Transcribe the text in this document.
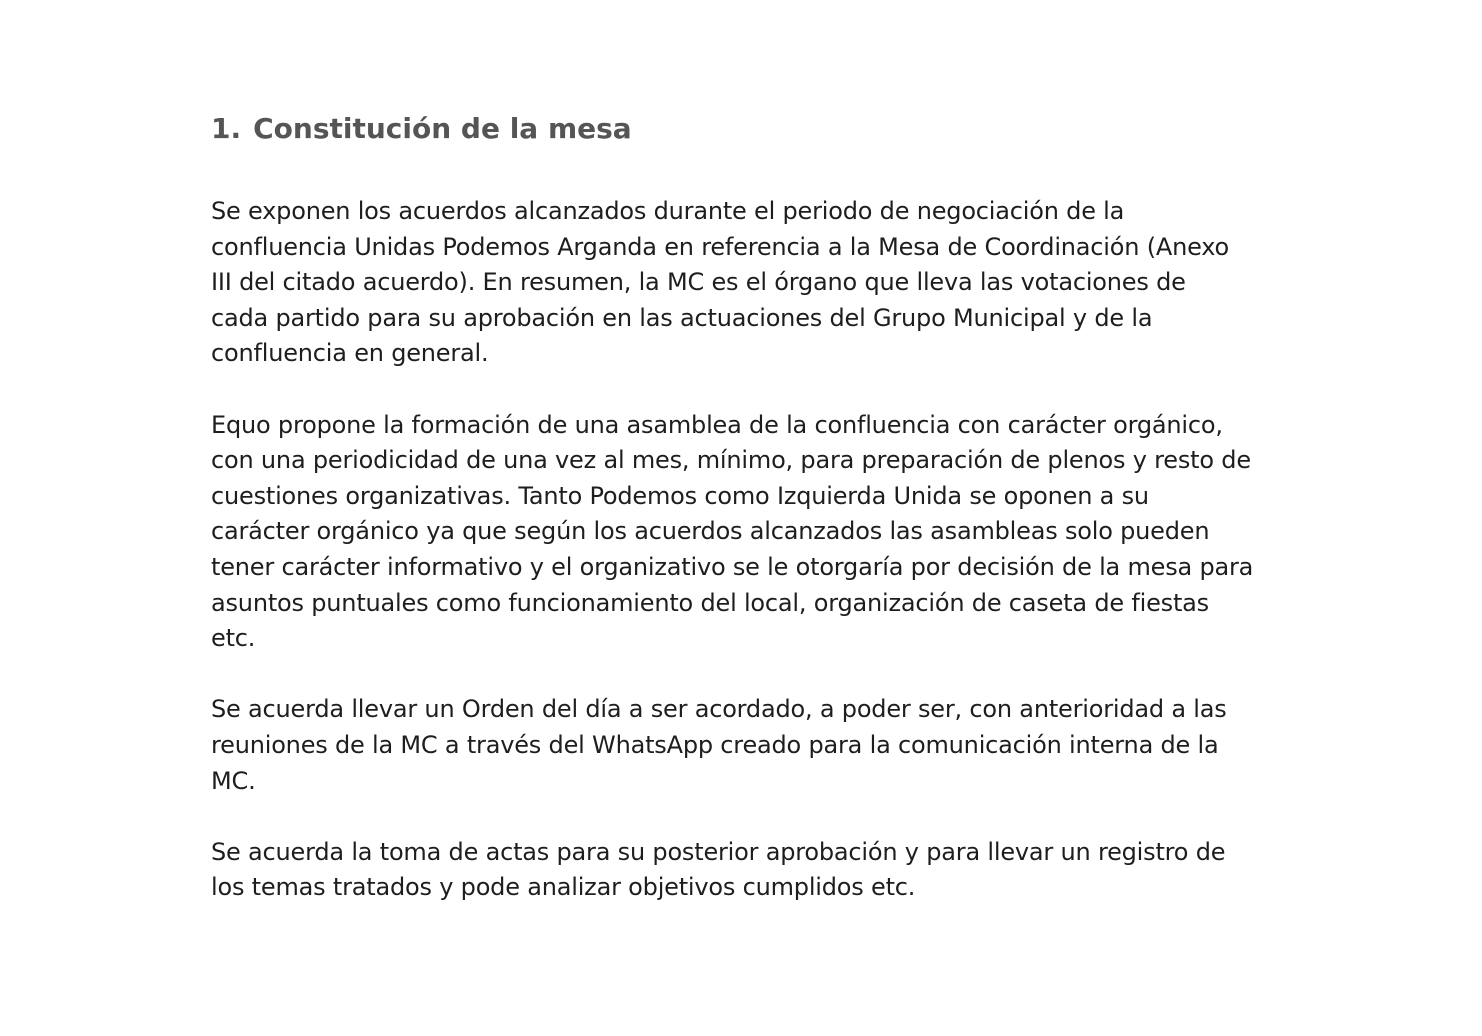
1. Constitución de la mesa

Se exponen los acuerdos alcanzados durante el periodo de negociación de la
confluencia Unidas Podemos Arganda en referencia a la Mesa de Coordinación (Anexo
III del citado acuerdo). En resumen, la MC es el órgano que lleva las votaciones de
cada partido para su aprobación en las actuaciones del Grupo Municipal y de la
confluencia en general.

Equo propone la formación de una asamblea de la confluencia con carácter orgánico,
con una periodicidad de una vez al mes, mínimo, para preparación de plenos y resto de
cuestiones organizativas. Tanto Podemos como Izquierda Unida se oponen a su
carácter orgánico ya que según los acuerdos alcanzados las asambleas solo pueden
tener carácter informativo y el organizativo se le otorgaría por decisión de la mesa para
asuntos puntuales como funcionamiento del local, organización de caseta de fiestas
etc.

Se acuerda llevar un Orden del día a ser acordado, a poder ser, con anterioridad a las
reuniones de la MC a través del WhatsApp creado para la comunicación interna de la
MC.

Se acuerda la toma de actas para su posterior aprobación y para llevar un registro de
los temas tratados y pode analizar objetivos cumplidos etc.
